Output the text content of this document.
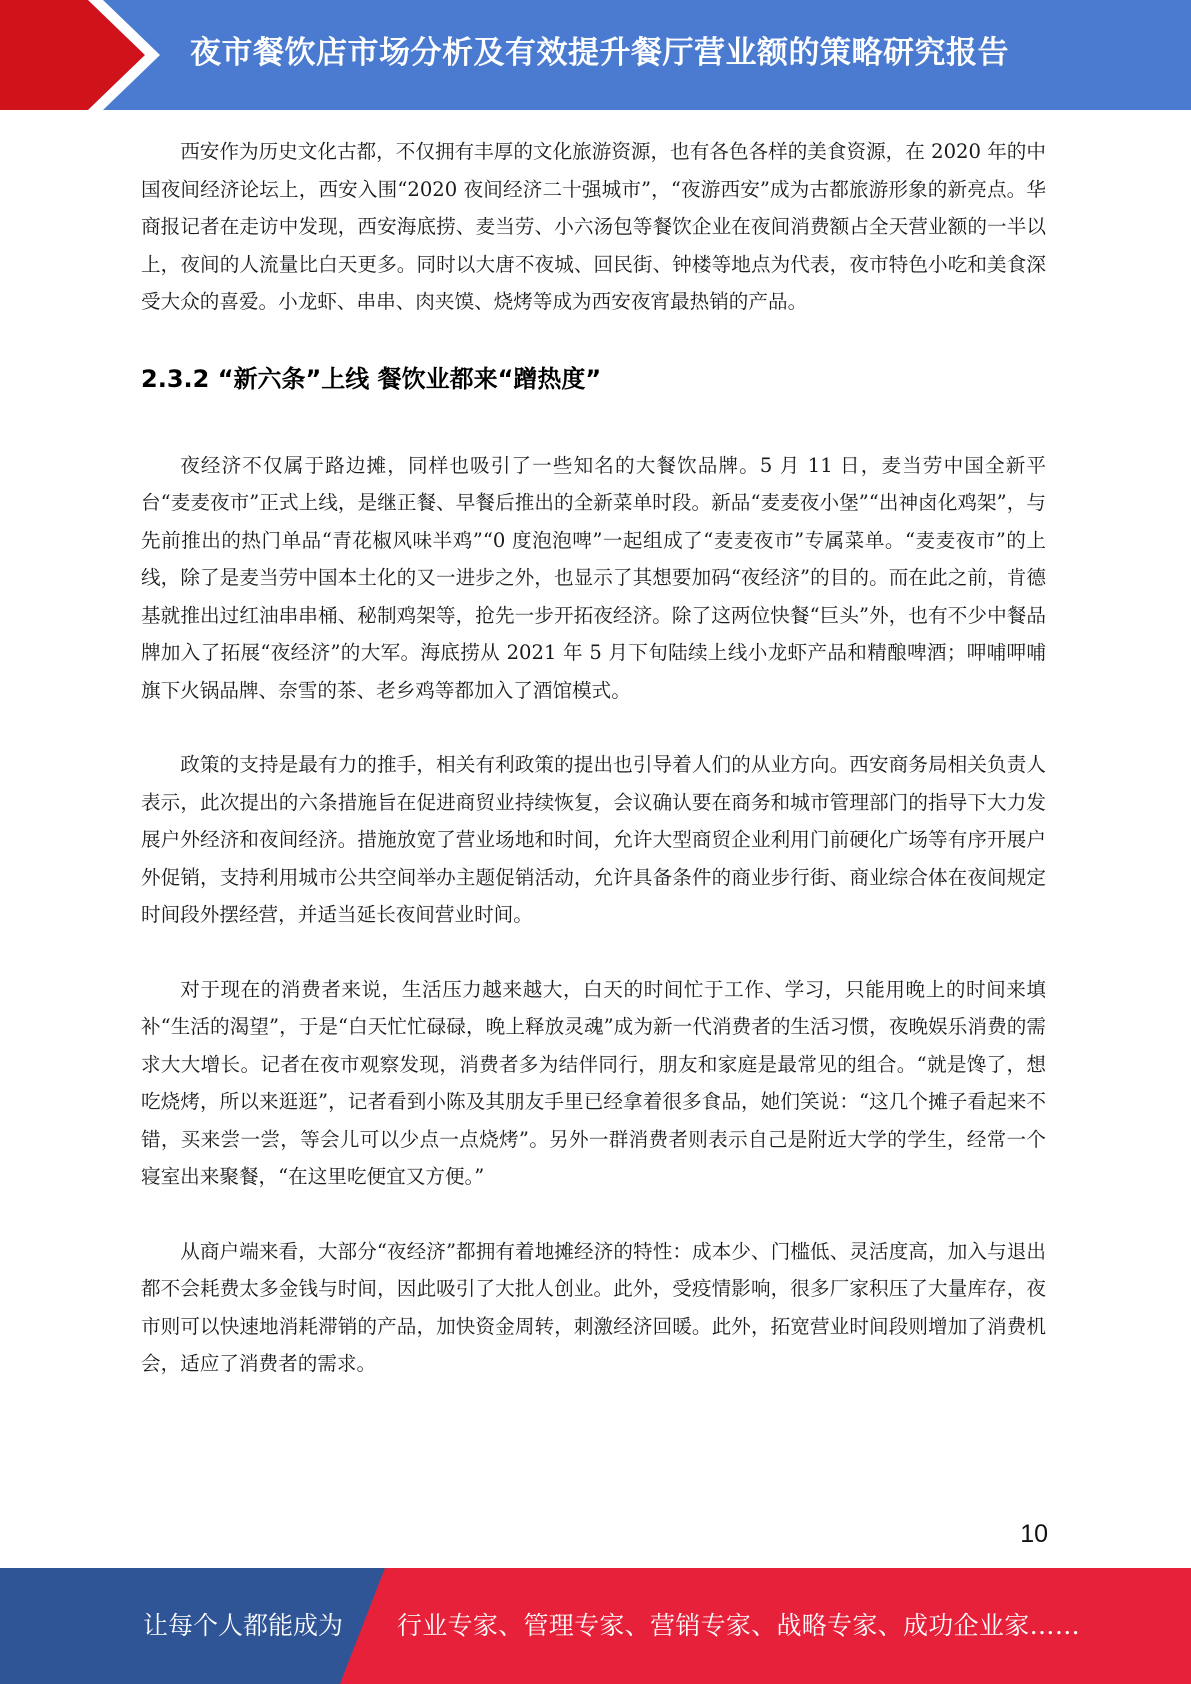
夜市餐饮店市场分析及有效提升餐厅营业额的策略研究报告

西安作为历史文化古都，不仅拥有丰厚的文化旅游资源，也有各色各样的美食资源，在 2020 年的中国夜间经济论坛上，西安入围“2020 夜间经济二十强城市”，“夜游西安”成为古都旅游形象的新亮点。华商报记者在走访中发现，西安海底捞、麦当劳、小六汤包等餐饮企业在夜间消费额占全天营业额的一半以上，夜间的人流量比白天更多。同时以大唐不夜城、回民街、钟楼等地点为代表，夜市特色小吃和美食深受大众的喜爱。小龙虾、串串、肉夹馍、烧烤等成为西安夜宵最热销的产品。

2.3.2 “新六条”上线 餐饮业都来“蹭热度”

夜经济不仅属于路边摊，同样也吸引了一些知名的大餐饮品牌。5 月 11 日，麦当劳中国全新平台“麦麦夜市”正式上线，是继正餐、早餐后推出的全新菜单时段。新品“麦麦夜小堡”“出神卤化鸡架”，与先前推出的热门单品“青花椒风味半鸡”“0 度泡泡啤”一起组成了“麦麦夜市”专属菜单。“麦麦夜市”的上线，除了是麦当劳中国本土化的又一进步之外，也显示了其想要加码“夜经济”的目的。而在此之前，肯德基就推出过红油串串桶、秘制鸡架等，抢先一步开拓夜经济。除了这两位快餐“巨头”外，也有不少中餐品牌加入了拓展“夜经济”的大军。海底捞从 2021 年 5 月下旬陆续上线小龙虾产品和精酿啤酒；呷哺呷哺旗下火锅品牌、奈雪的茶、老乡鸡等都加入了酒馆模式。

政策的支持是最有力的推手，相关有利政策的提出也引导着人们的从业方向。西安商务局相关负责人表示，此次提出的六条措施旨在促进商贸业持续恢复，会议确认要在商务和城市管理部门的指导下大力发展户外经济和夜间经济。措施放宽了营业场地和时间，允许大型商贸企业利用门前硬化广场等有序开展户外促销，支持利用城市公共空间举办主题促销活动，允许具备条件的商业步行街、商业综合体在夜间规定时间段外摆经营，并适当延长夜间营业时间。

对于现在的消费者来说，生活压力越来越大，白天的时间忙于工作、学习，只能用晚上的时间来填补“生活的渴望”，于是“白天忙忙碌碌，晚上释放灵魂”成为新一代消费者的生活习惯，夜晚娱乐消费的需求大大增长。记者在夜市观察发现，消费者多为结伴同行，朋友和家庭是最常见的组合。“就是馋了，想吃烧烤，所以来逛逛”，记者看到小陈及其朋友手里已经拿着很多食品，她们笑说：“这几个摊子看起来不错，买来尝一尝，等会儿可以少点一点烧烤”。另外一群消费者则表示自己是附近大学的学生，经常一个寝室出来聚餐，“在这里吃便宜又方便。”

从商户端来看，大部分“夜经济”都拥有着地摊经济的特性：成本少、门槛低、灵活度高，加入与退出都不会耗费太多金钱与时间，因此吸引了大批人创业。此外，受疫情影响，很多厂家积压了大量库存，夜市则可以快速地消耗滞销的产品，加快资金周转，刺激经济回暖。此外，拓宽营业时间段则增加了消费机会，适应了消费者的需求。

10
让每个人都能成为 行业专家、管理专家、营销专家、战略专家、成功企业家……
